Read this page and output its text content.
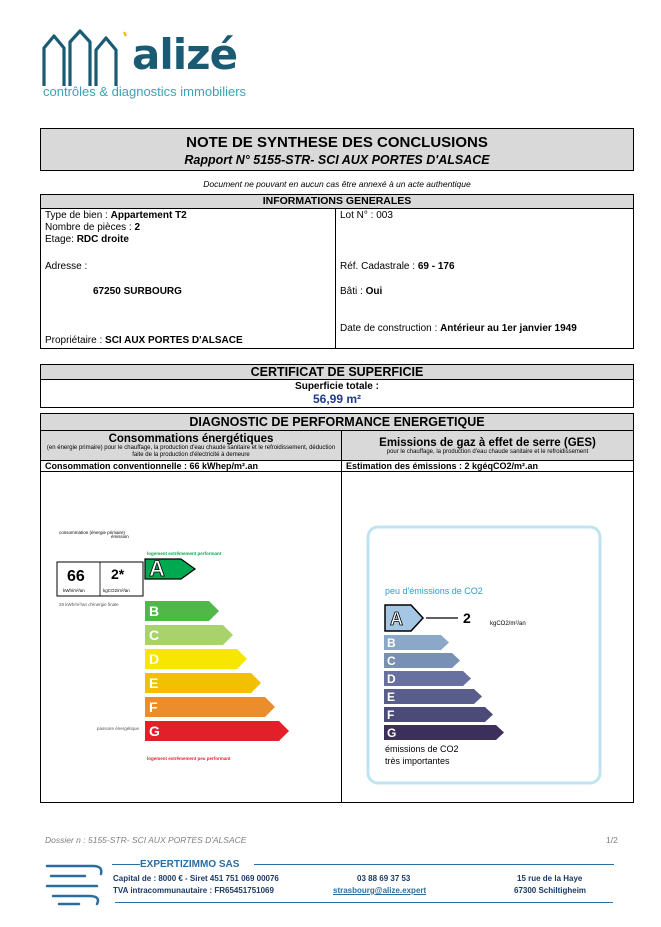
alizé
contrôles & diagnostics immobiliers
NOTE DE SYNTHESE DES CONCLUSIONS
Rapport N° 5155-STR- SCI AUX PORTES D'ALSACE
Document ne pouvant en aucun cas être annexé à un acte authentique
INFORMATIONS GENERALES
Type de bien : Appartement T2
Nombre de pièces : 2
Etage: RDC droite
Adresse :
67250 SURBOURG
Propriétaire : SCI AUX PORTES D'ALSACE
Lot N° : 003
Réf. Cadastrale : 69 - 176
Bâti : Oui
Date de construction : Antérieur au 1er janvier 1949
CERTIFICAT DE SUPERFICIE
Superficie totale :
56,99 m²
DIAGNOSTIC DE PERFORMANCE ENERGETIQUE
Consommations énergétiques
(en énergie primaire) pour le chauffage, la production d'eau chaude sanitaire et le refroidissement, déduction faite de la production d'électricité à demeure
Consommation conventionnelle : 66 kWhep/m².an
consommation (énergie primaire)
émission
66
kWh/m²/an
2*
kgCO2/m²/an
29 kWh/m²/an d'énergie finale
logement extrêmement performant
passoire énergétique
logement extrêmement peu performant
A
B
C
D
E
F
G
Emissions de gaz à effet de serre (GES)
pour le chauffage, la production d'eau chaude sanitaire et le refroidissement
Estimation des émissions : 2 kgéqCO2/m².an
peu d'émissions de CO2
2	kgCO2/m²/an
émissions de CO2
très importantes
A
B
C
D
E
F
G
Dossier n : 5155-STR- SCI AUX PORTES D'ALSACE	1/2
EXPERTIZIMMO SAS
Capital de : 8000 € - Siret 451 751 069 00076
TVA intracommunautaire : FR65451751069
03 88 69 37 53
strasbourg@alize.expert
15 rue de la Haye
67300 Schiltigheim
